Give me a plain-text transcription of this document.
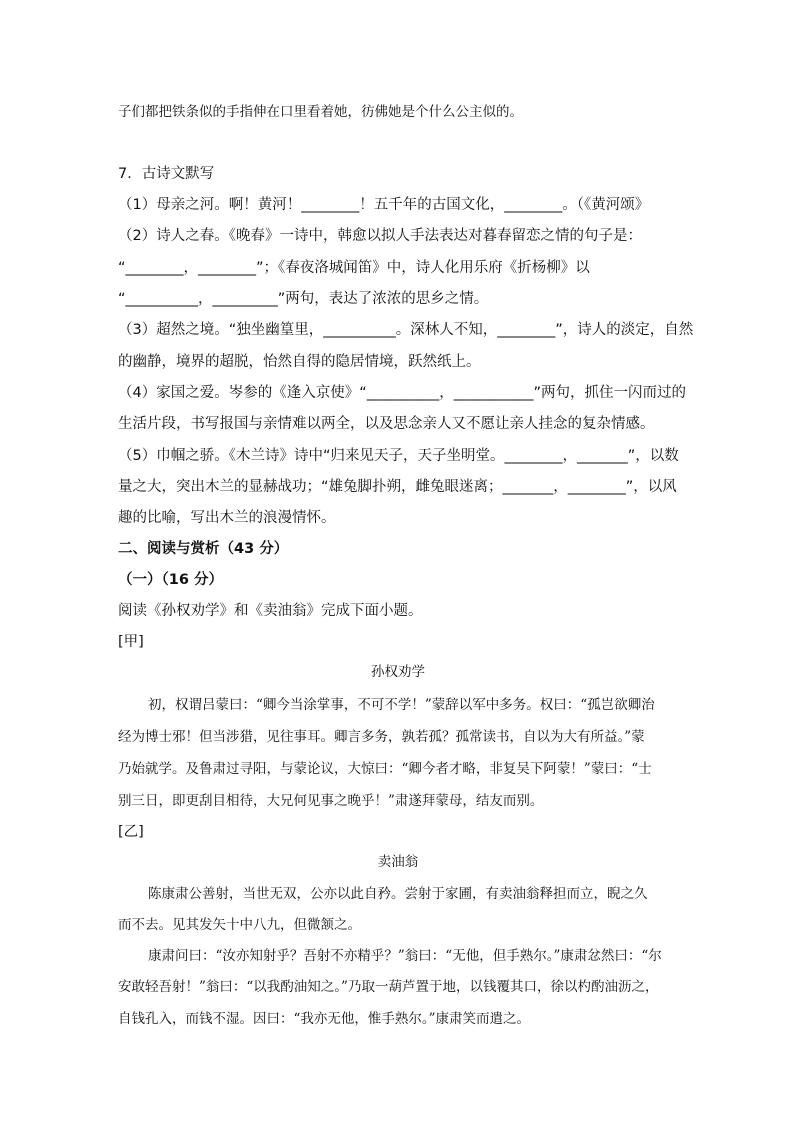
子们都把铁条似的手指伸在口里看着她，彷佛她是个什么公主似的。
7．古诗文默写
（1）母亲之河。啊！黄河！________！五千年的古国文化，________。（《黄河颂》
（2）诗人之春。《晚春》一诗中，韩愈以拟人手法表达对暮春留恋之情的句子是：
“________，________”；《春夜洛城闻笛》中，诗人化用乐府《折杨柳》以
“__________，_________”两句，表达了浓浓的思乡之情。
（3）超然之境。“独坐幽篁里，__________。深林人不知，________”，诗人的淡定，自然
的幽静，境界的超脱，怡然自得的隐居情境，跃然纸上。
（4）家国之爱。岑参的《逢入京使》“__________，___________”两句，抓住一闪而过的
生活片段，书写报国与亲情难以两全，以及思念亲人又不愿让亲人挂念的复杂情感。
（5）巾帼之骄。《木兰诗》诗中“归来见天子，天子坐明堂。________，_______”，以数
量之大，突出木兰的显赫战功；“雄兔脚扑朔，雌兔眼迷离；_______，________”，以风
趣的比喻，写出木兰的浪漫情怀。
二、阅读与赏析（43 分）
（一）（16 分）
阅读《孙权劝学》和《卖油翁》完成下面小题。
[甲]
孙权劝学
初，权谓吕蒙曰：“卿今当涂掌事，不可不学！”蒙辞以军中多务。权曰：“孤岂欲卿治
经为博士邪！但当涉猎，见往事耳。卿言多务，孰若孤？孤常读书，自以为大有所益。”蒙
乃始就学。及鲁肃过寻阳，与蒙论议，大惊曰：“卿今者才略，非复吴下阿蒙！”蒙曰：“士
别三日，即更刮目相待，大兄何见事之晚乎！”肃遂拜蒙母，结友而别。
[乙]
卖油翁
陈康肃公善射，当世无双，公亦以此自矜。尝射于家圃，有卖油翁释担而立，睨之久
而不去。见其发矢十中八九，但微颔之。
康肃问曰：“汝亦知射乎？吾射不亦精乎？”翁曰：“无他，但手熟尔。”康肃忿然曰：“尔
安敢轻吾射！”翁曰：“以我酌油知之。”乃取一葫芦置于地，以钱覆其口，徐以杓酌油沥之，
自钱孔入，而钱不湿。因曰：“我亦无他，惟手熟尔。”康肃笑而遣之。
